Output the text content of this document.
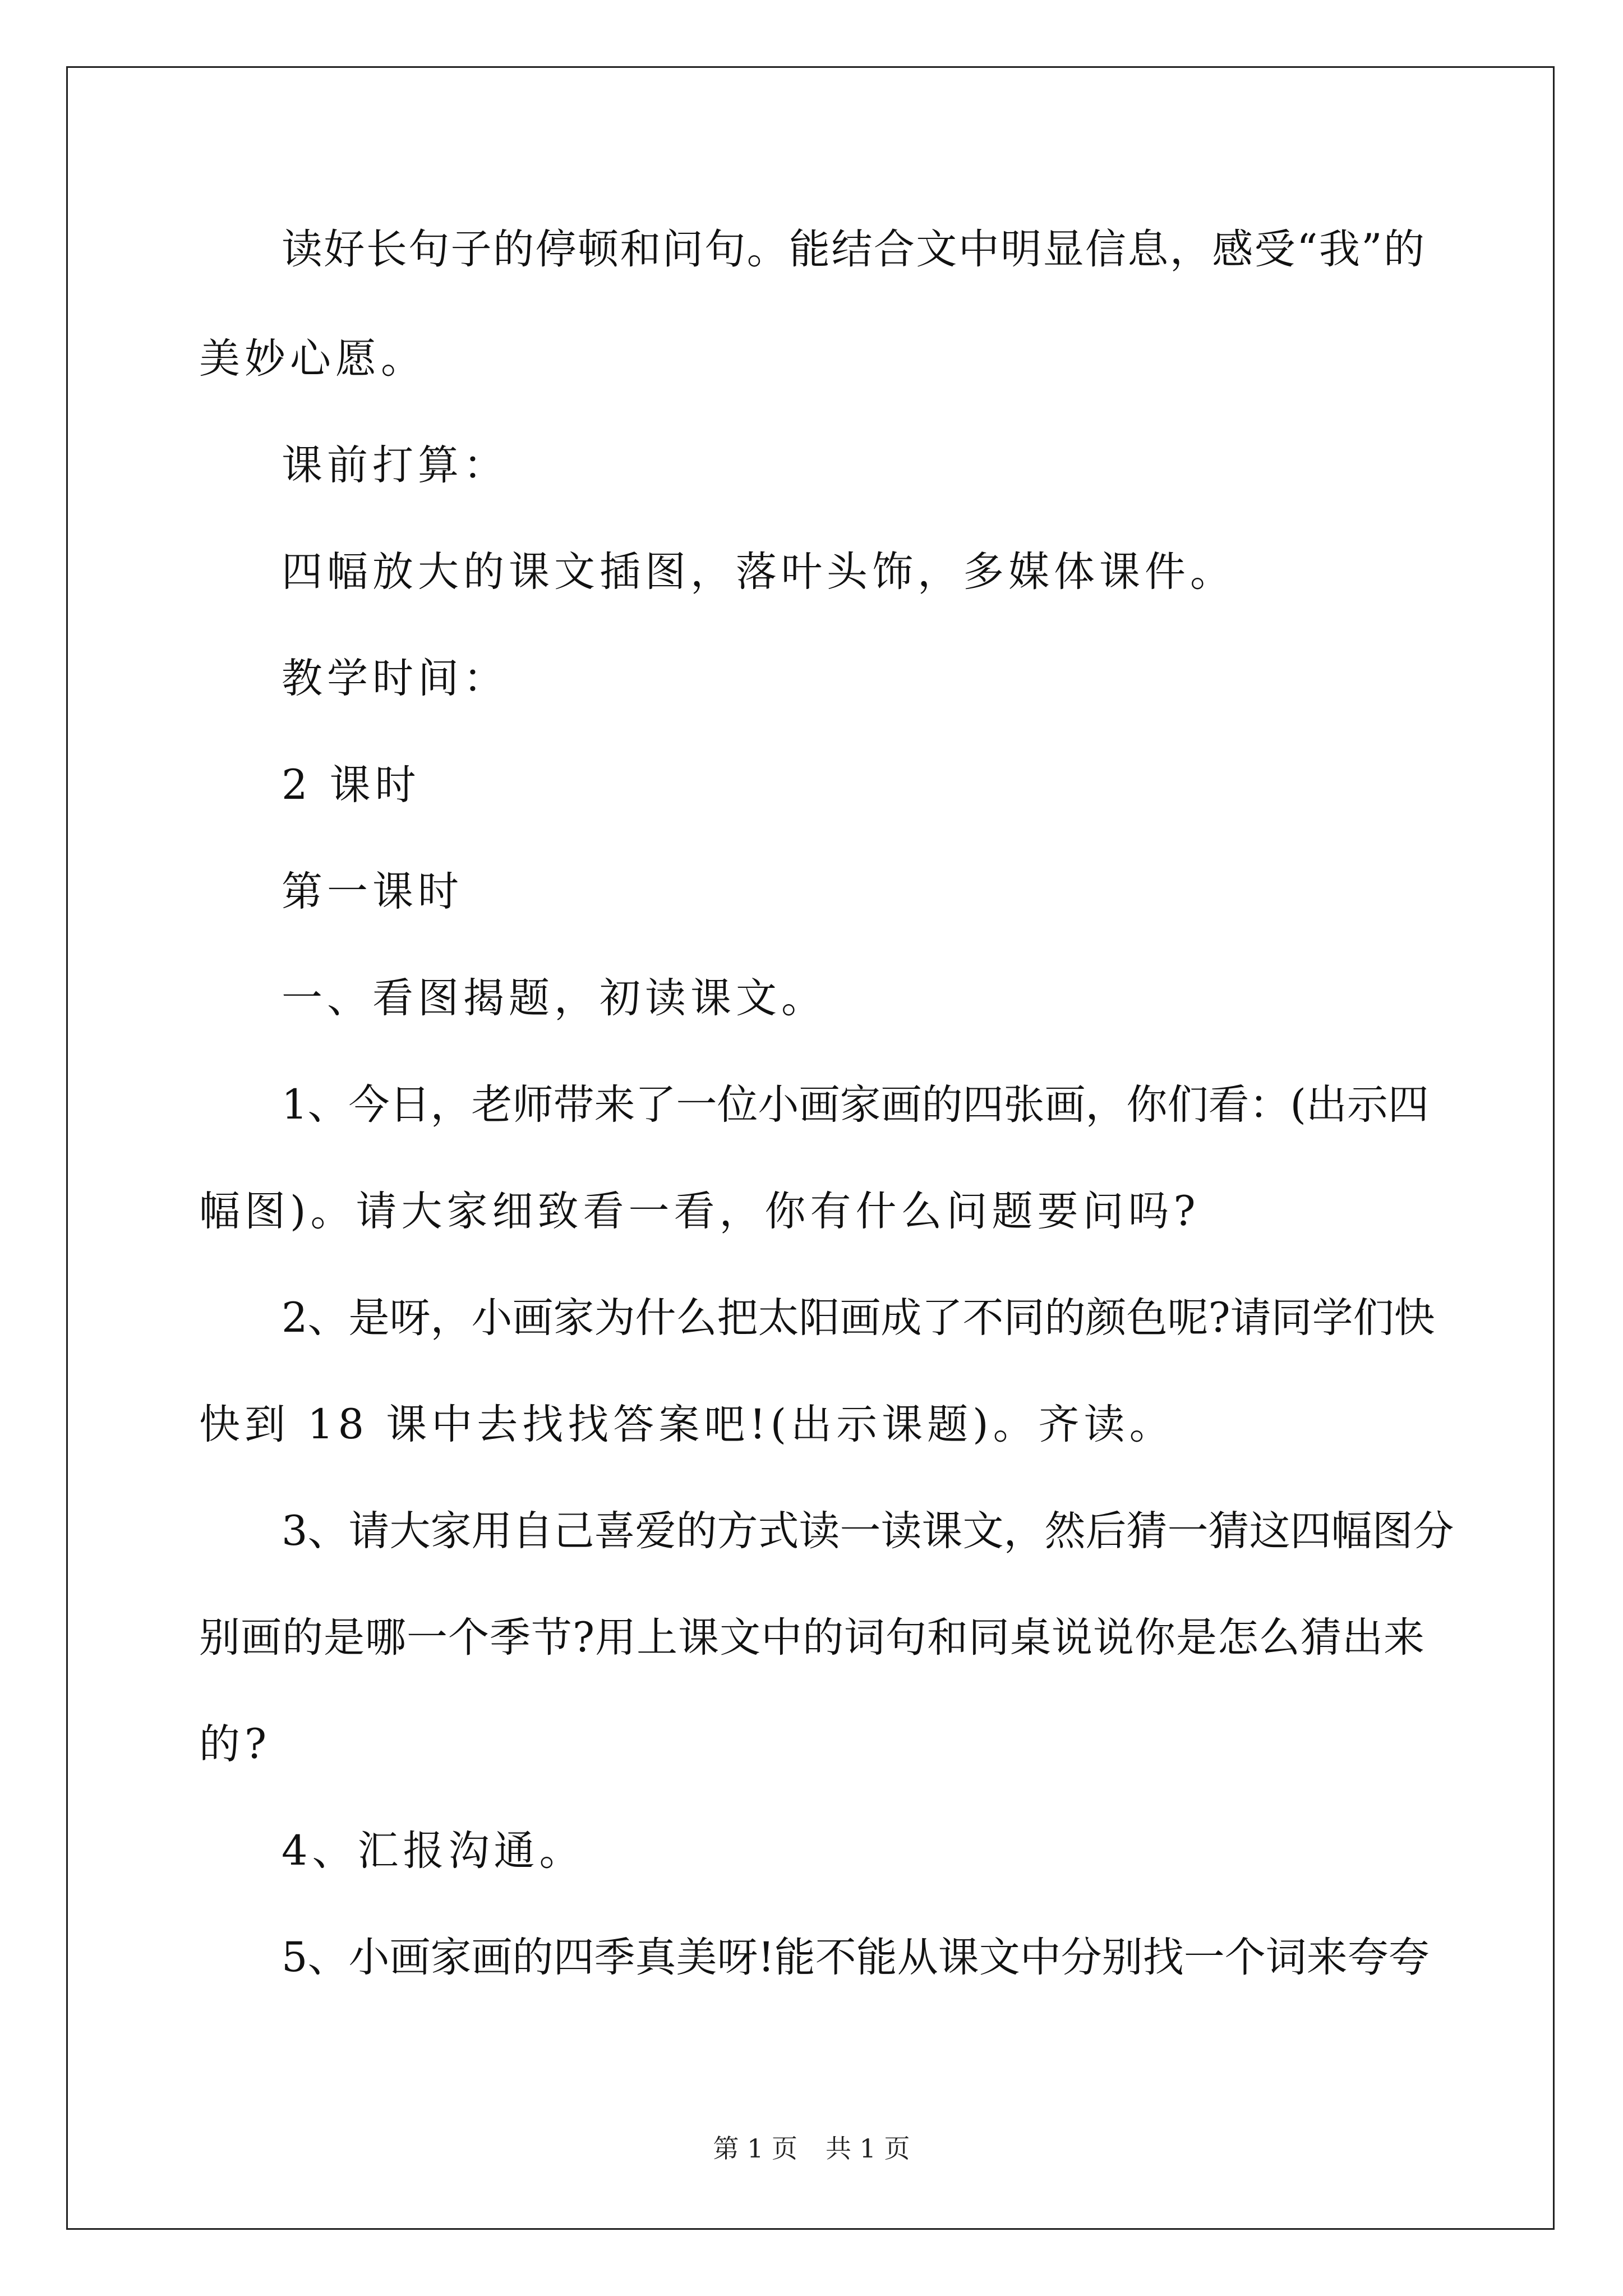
读好长句子的停顿和问句。能结合文中明显信息，感受“我”的
美妙心愿。
课前打算：
四幅放大的课文插图，落叶头饰，多媒体课件。
教学时间：
2 课时
第一课时
一、看图揭题，初读课文。
1、今日，老师带来了一位小画家画的四张画，你们看：(出示四
幅图)。请大家细致看一看，你有什么问题要问吗?
2、是呀，小画家为什么把太阳画成了不同的颜色呢?请同学们快
快到 18 课中去找找答案吧!(出示课题)。齐读。
3、请大家用自己喜爱的方式读一读课文，然后猜一猜这四幅图分
别画的是哪一个季节?用上课文中的词句和同桌说说你是怎么猜出来
的?
4、汇报沟通。
5、小画家画的四季真美呀!能不能从课文中分别找一个词来夸夸
第 1 页 共 1 页
